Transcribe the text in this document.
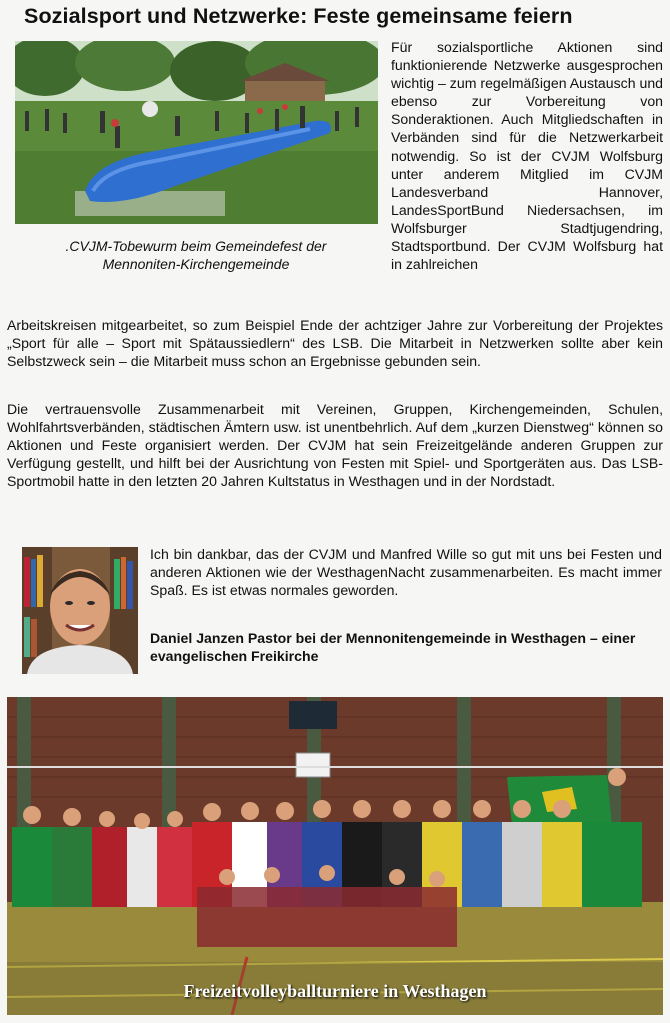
Sozialsport und Netzwerke: Feste gemeinsame feiern
.CVJM-Tobewurm beim Gemeindefest der
Mennoniten-Kirchengemeinde

Für sozialsportliche Aktionen sind funktionierende Netzwerke ausgesprochen wichtig – zum regelmäßigen Austausch und ebenso zur Vorbereitung von Sonderaktionen. Auch Mitgliedschaften in Verbänden sind für die Netzwerkarbeit notwendig. So ist der CVJM Wolfsburg unter anderem Mitglied im CVJM Landesverband Hannover, LandesSportBund Niedersachsen, im Wolfsburger Stadtjugendring, Stadtsportbund. Der CVJM Wolfsburg hat in zahlreichen

Arbeitskreisen mitgearbeitet, so zum Beispiel Ende der achtziger Jahre zur Vorbereitung der Projektes „Sport für alle – Sport mit Spätaussiedlern“ des LSB. Die Mitarbeit in Netzwerken sollte aber kein Selbstzweck sein – die Mitarbeit muss schon an Ergebnisse gebunden sein.

Die vertrauensvolle Zusammenarbeit mit Vereinen, Gruppen, Kirchengemeinden, Schulen, Wohlfahrtsverbänden, städtischen Ämtern usw. ist unentbehrlich. Auf dem „kurzen Dienstweg“ können so Aktionen und Feste organisiert werden. Der CVJM hat sein Freizeitgelände anderen Gruppen zur Verfügung gestellt, und hilft bei der Ausrichtung von Festen mit Spiel- und Sportgeräten aus. Das LSB-Sportmobil hatte in den letzten 20 Jahren Kultstatus in Westhagen und in der Nordstadt.

Ich bin dankbar, das der CVJM und Manfred Wille so gut mit uns bei Festen und anderen Aktionen wie der WesthagenNacht zusammenarbeiten. Es macht immer Spaß. Es ist etwas normales geworden.
Daniel Janzen Pastor bei der Mennonitengemeinde in Westhagen – einer evangelischen Freikirche
Freizeitvolleyballturniere in Westhagen
